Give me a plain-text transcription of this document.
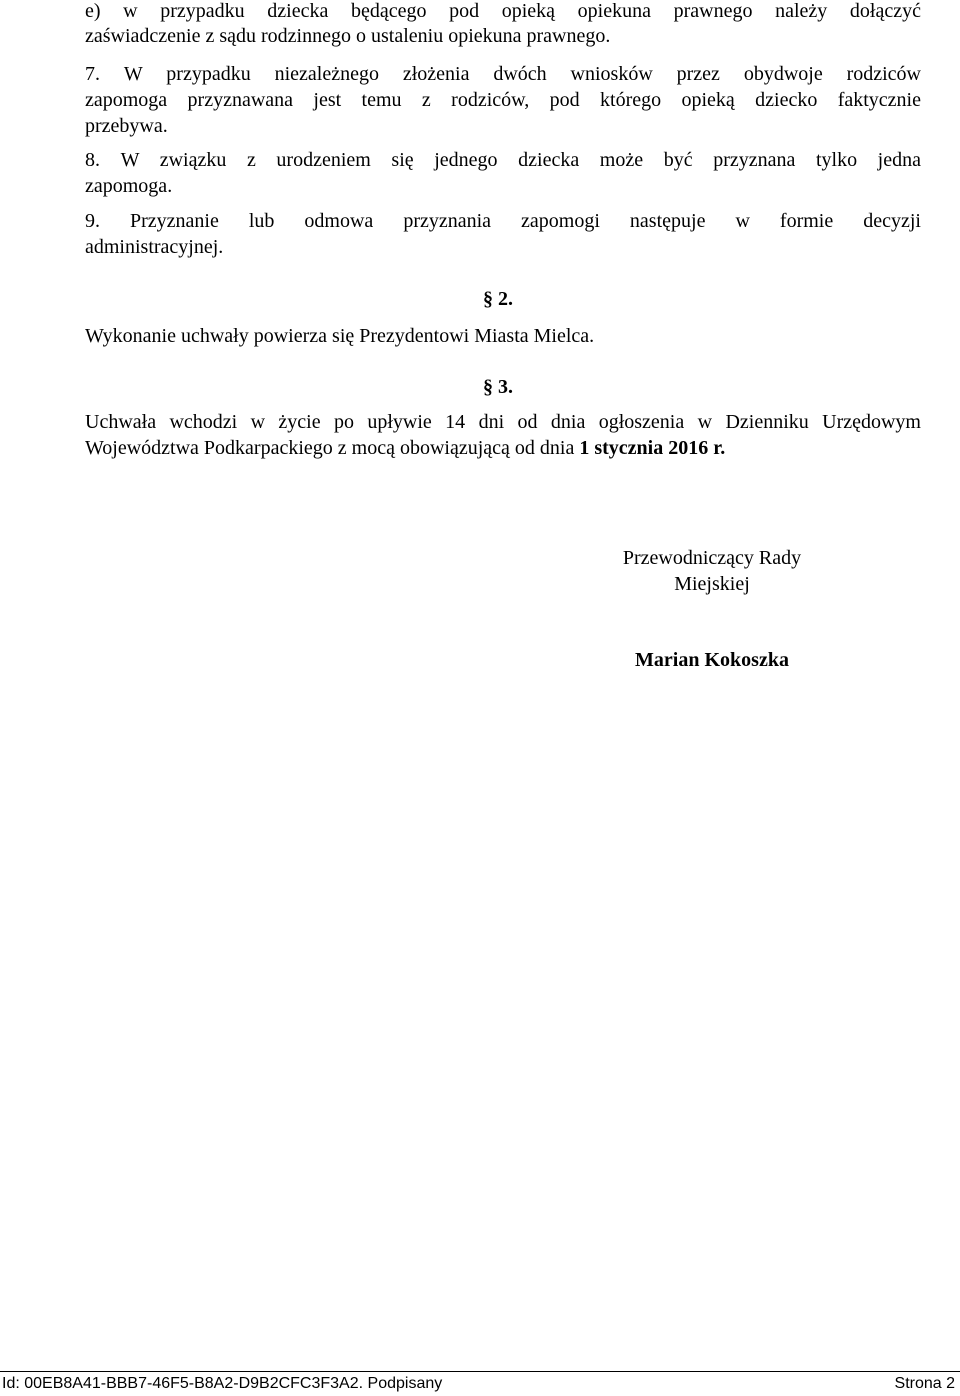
e) w przypadku dziecka będącego pod opieką opiekuna prawnego należy dołączyć
zaświadczenie z sądu rodzinnego o ustaleniu opiekuna prawnego.
7. W przypadku niezależnego złożenia dwóch wniosków przez obydwoje rodziców
zapomoga przyznawana jest temu z rodziców, pod którego opieką dziecko faktycznie
przebywa.
8. W związku z urodzeniem się jednego dziecka może być przyznana tylko jedna
zapomoga.
9. Przyznanie lub odmowa przyznania zapomogi następuje w formie decyzji
administracyjnej.
§ 2.
Wykonanie uchwały powierza się Prezydentowi Miasta Mielca.
§ 3.
Uchwała wchodzi w życie po upływie 14 dni od dnia ogłoszenia w Dzienniku Urzędowym
Województwa Podkarpackiego z mocą obowiązującą od dnia 1 stycznia 2016 r.
Przewodniczący Rady
Miejskiej
Marian Kokoszka
Id: 00EB8A41-BBB7-46F5-B8A2-D9B2CFC3F3A2. Podpisany	Strona 2
